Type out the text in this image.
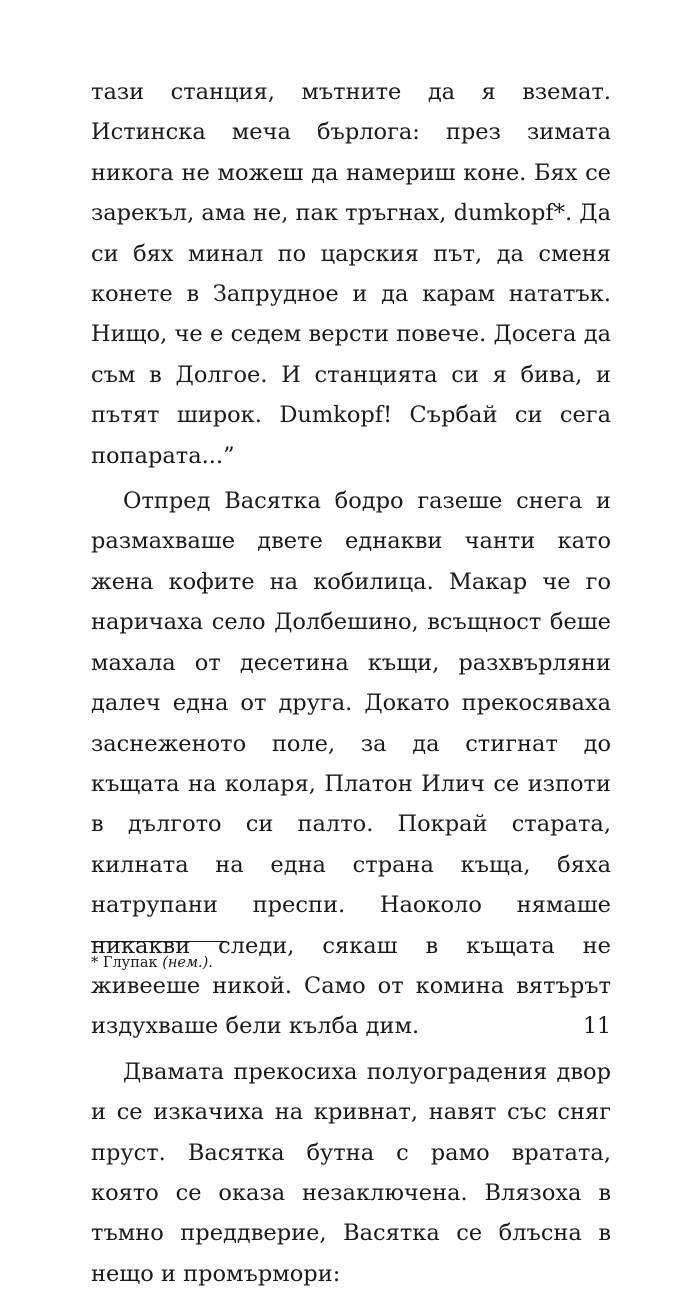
тази станция, мътните да я вземат. Истинска меча бърлога: през зимата никога не можеш да намериш коне. Бях се зарекъл, ама не, пак тръгнах, dumkopf*. Да си бях минал по царския път, да сменя конете в Запрудное и да карам нататък. Нищо, че е седем версти повече. Досега да съм в Долгое. И станцията си я бива, и пътят широк. Dumkopf! Сърбай си сега попарата...”

Отпред Васятка бодро газеше снега и размахваше двете еднакви чанти като жена кофите на кобилица. Макар че го наричаха село Долбешино, всъщност беше махала от десетина къщи, разхвърляни далеч една от друга. Докато прекосяваха заснеженото поле, за да стигнат до къщата на коларя, Платон Илич се изпоти в дългото си палто. Покрай старата, килната на една страна къща, бяха натрупани преспи. Наоколо нямаше никакви следи, сякаш в къщата не живееше никой. Само от комина вятърът издухваше бели кълба дим.

Двамата прекосиха полуоградения двор и се изкачиха на кривнат, навят със сняг пруст. Васятка бутна с рамо вратата, която се оказа незаключена. Влязоха в тъмно преддверие, Васятка се блъсна в нещо и промърмори:

* Глупак (нем.).
11
